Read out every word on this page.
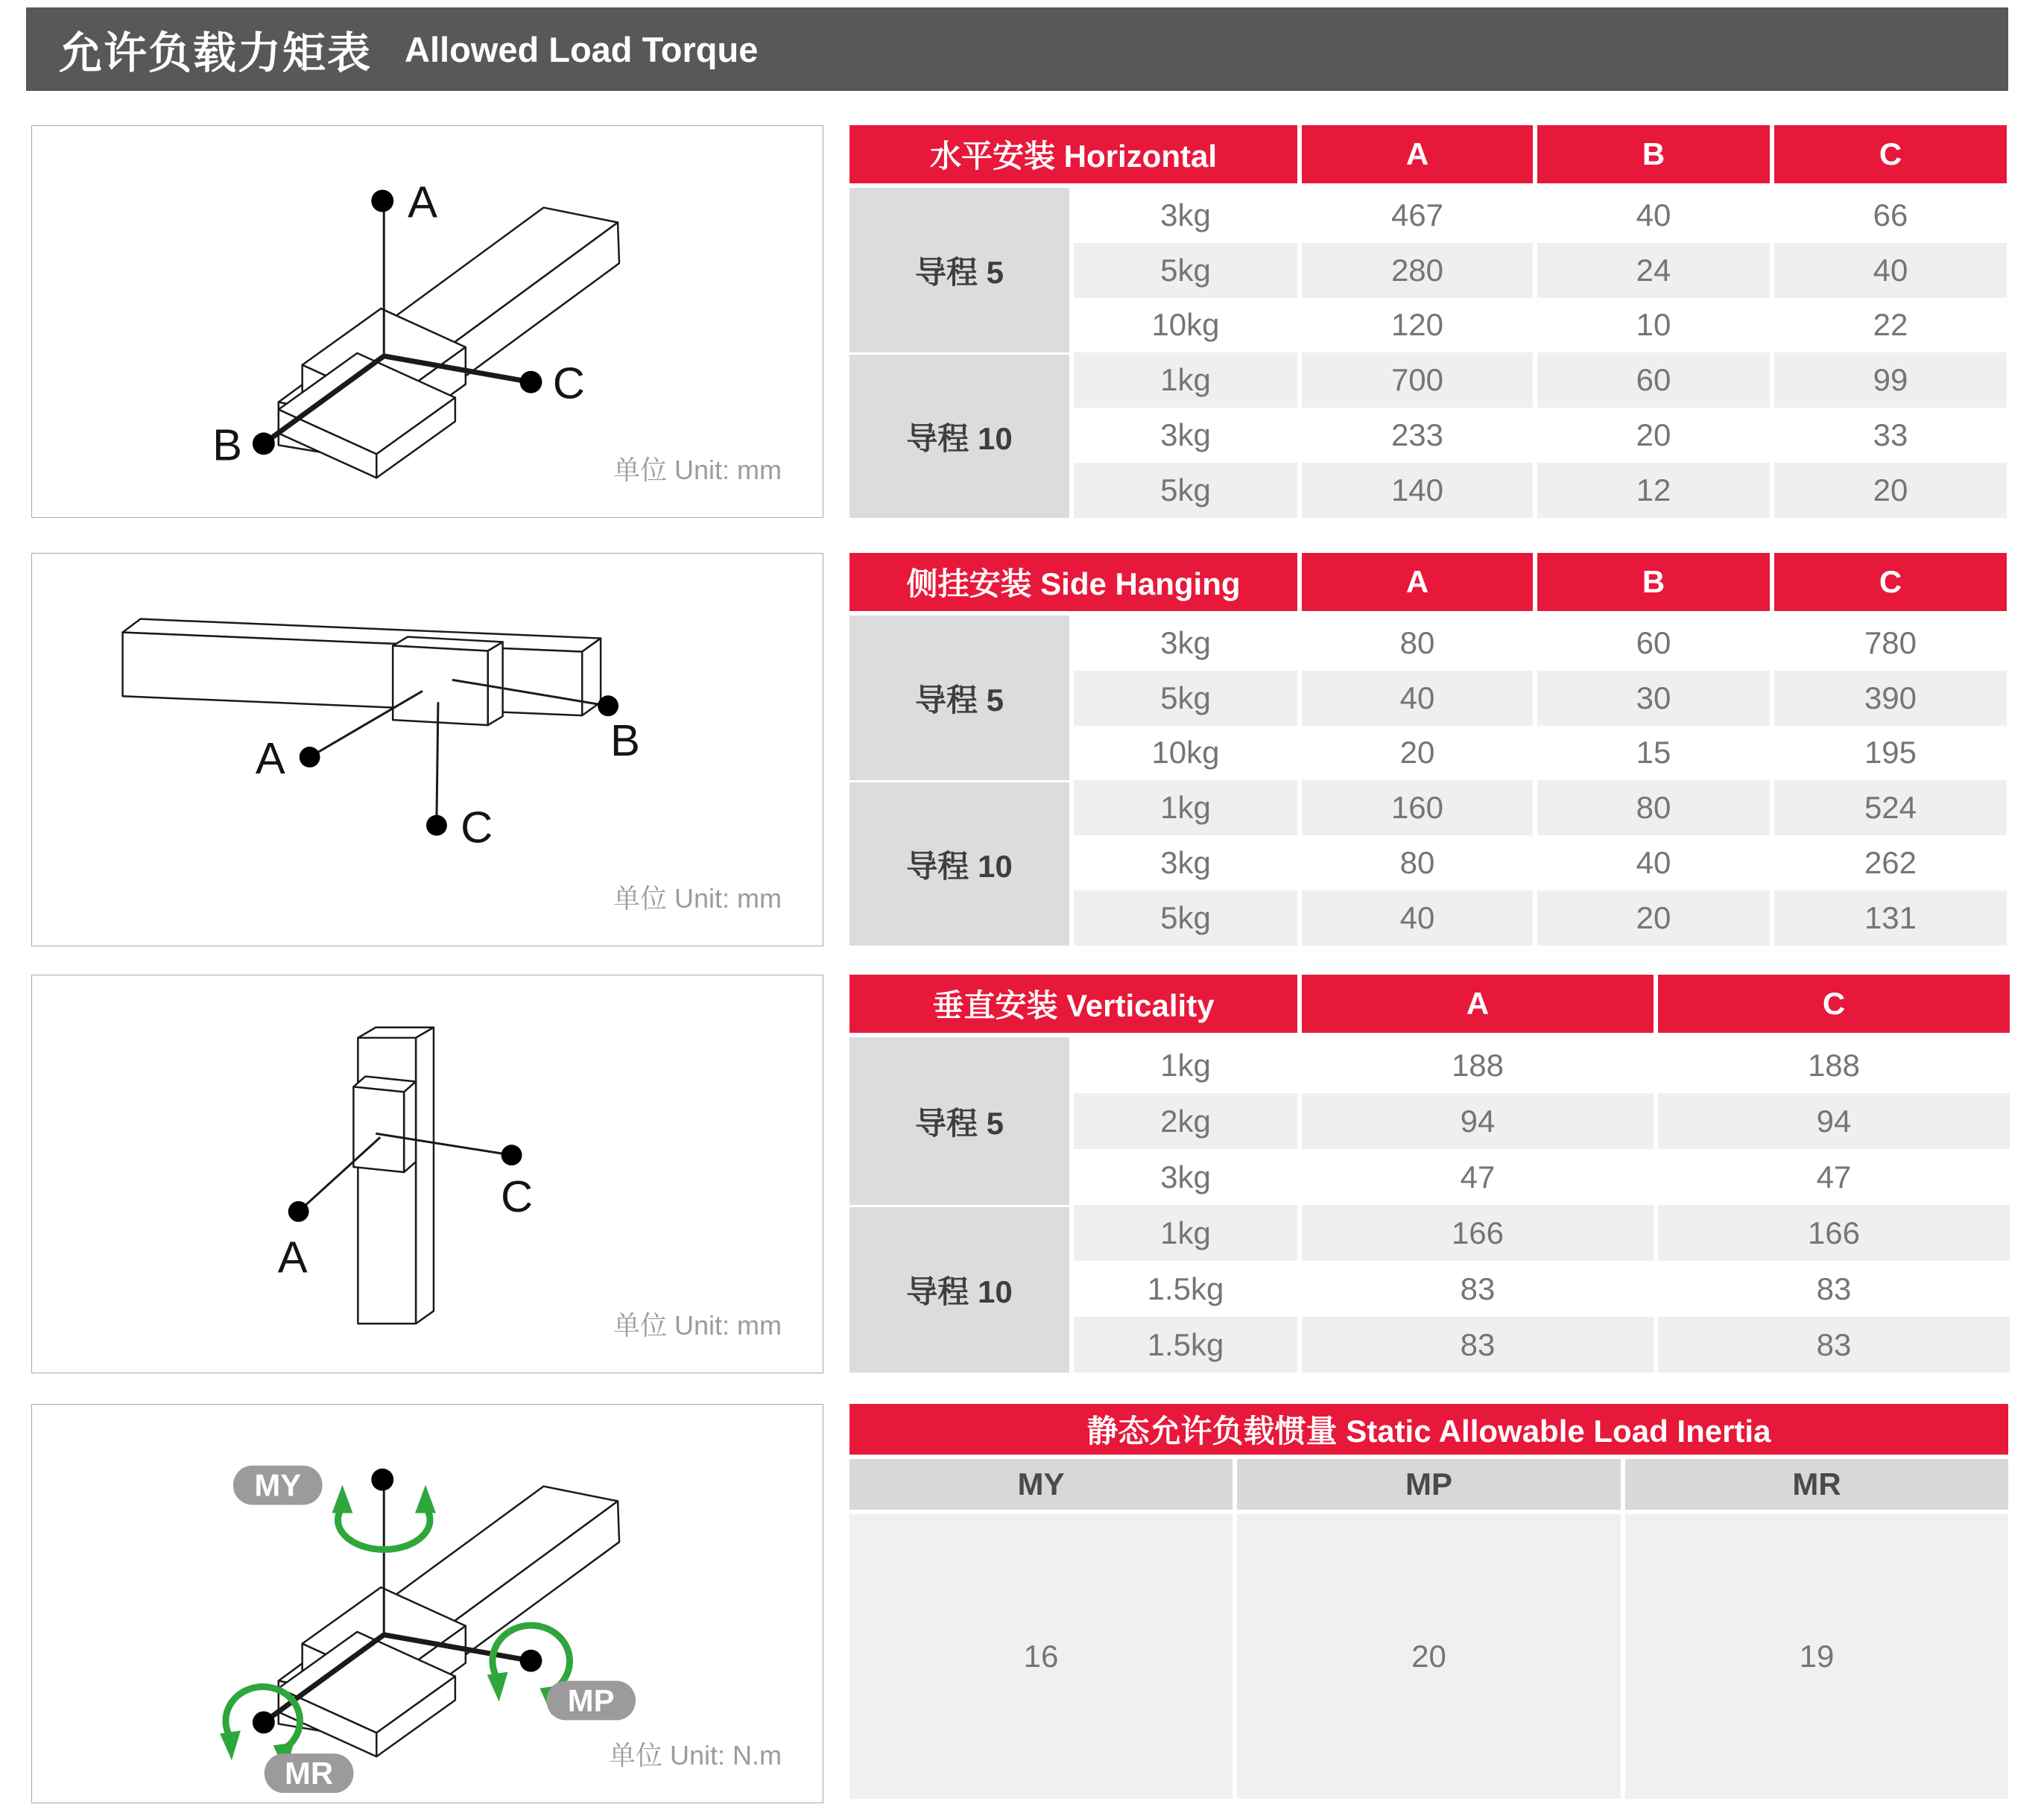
允许负载力矩表 Allowed Load Torque
A
B
C
单位 Unit: mm
A	B
C
单位 Unit: mm
A
C
单位 Unit: mm
MY
MP
MR
单位 Unit: N.m
水平安装 Horizontal	A	B	C
导程 5
3kg	467	40	66
5kg	280	24	40
10kg	120	10	22
导程 10
1kg	700	60	99
3kg	233	20	33
5kg	140	12	20
侧挂安装 Side Hanging	A	B	C
导程 5
3kg	80	60	780
5kg	40	30	390
10kg	20	15	195
导程 10
1kg	160	80	524
3kg	80	40	262
5kg	40	20	131
垂直安装 Verticality	A	C
导程 5
1kg	188	188
2kg	94	94
3kg	47	47
导程 10
1kg	166	166
1.5kg	83	83
1.5kg	83	83
静态允许负载惯量 Static Allowable Load Inertia
MY	MP	MR
16	20	19
